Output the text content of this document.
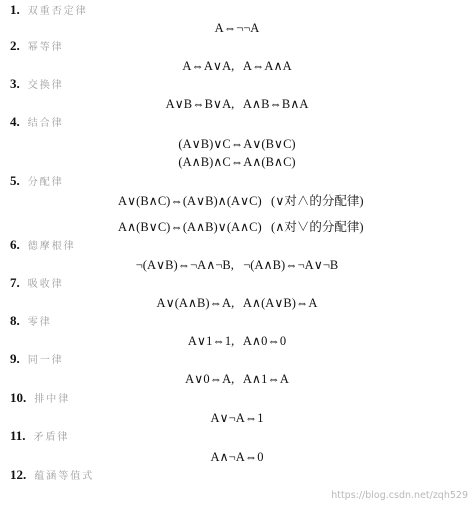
1. 双重否定律
A⇔¬¬A
2. 幂等律
A⇔A∨A,   A⇔A∧A
3. 交换律
A∨B⇔B∨A,   A∧B⇔B∧A
4. 结合律
(A∨B)∨C⇔A∨(B∨C)
(A∧B)∧C⇔A∧(B∧C)
5. 分配律
A∨(B∧C)⇔(A∨B)∧(A∨C)   (∨对∧的分配律)
A∧(B∨C)⇔(A∧B)∨(A∧C)   (∧对∨的分配律)
6. 德摩根律
¬(A∨B)⇔¬A∧¬B,   ¬(A∧B)⇔¬A∨¬B
7. 吸收律
A∨(A∧B)⇔A,   A∧(A∨B)⇔A
8. 零律
A∨1⇔1,   A∧0⇔0
9. 同一律
A∨0⇔A,   A∧1⇔A
10. 排中律
A∨¬A⇔1
11. 矛盾律
A∧¬A⇔0
12. 蕴涵等值式
https://blog.csdn.net/zqh529
